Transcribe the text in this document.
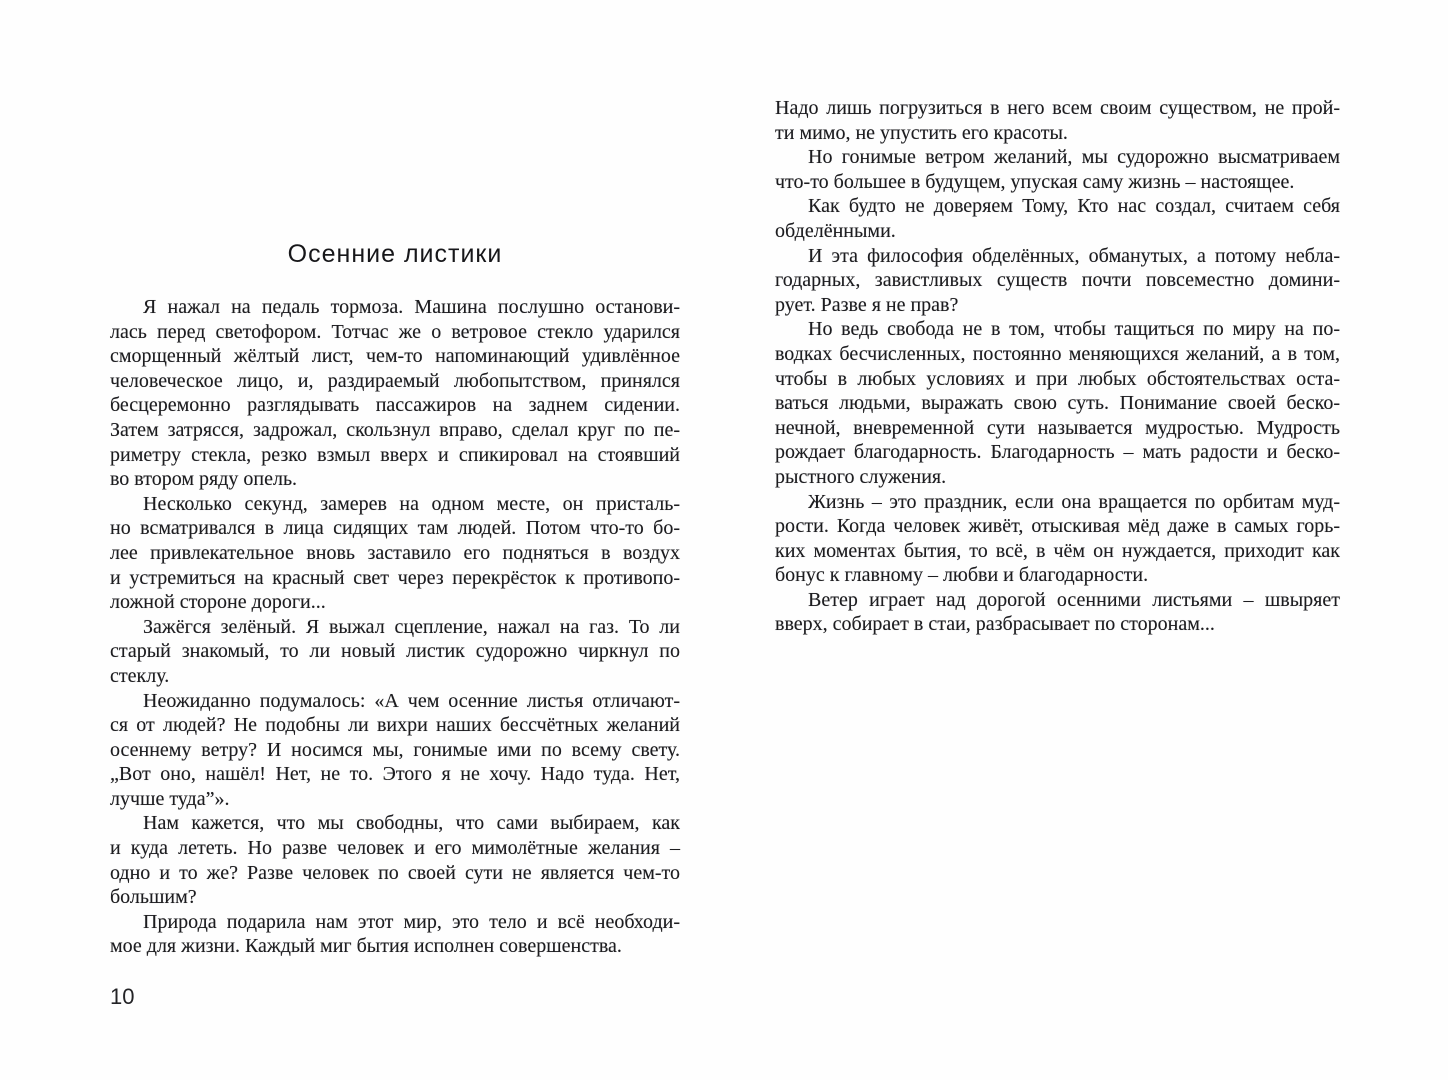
Осенние листики
Я нажал на педаль тормоза. Машина послушно останови-
лась перед светофором. Тотчас же о ветровое стекло ударился
сморщенный жёлтый лист, чем-то напоминающий удивлённое
человеческое лицо, и, раздираемый любопытством, принялся
бесцеремонно разглядывать пассажиров на заднем сидении.
Затем затрясся, задрожал, скользнул вправо, сделал круг по пе-
риметру стекла, резко взмыл вверх и спикировал на стоявший
во втором ряду опель.
Несколько секунд, замерев на одном месте, он присталь-
но всматривался в лица сидящих там людей. Потом что-то бо-
лее привлекательное вновь заставило его подняться в воздух
и устремиться на красный свет через перекрёсток к противопо-
ложной стороне дороги...
Зажёгся зелёный. Я выжал сцепление, нажал на газ. То ли
старый знакомый, то ли новый листик судорожно чиркнул по
стеклу.
Неожиданно подумалось: «А чем осенние листья отличают-
ся от людей? Не подобны ли вихри наших бессчётных желаний
осеннему ветру? И носимся мы, гонимые ими по всему свету.
„Вот оно, нашёл! Нет, не то. Этого я не хочу. Надо туда. Нет,
лучше туда”».
Нам кажется, что мы свободны, что сами выбираем, как
и куда лететь. Но разве человек и его мимолётные желания –
одно и то же? Разве человек по своей сути не является чем-то
большим?
Природа подарила нам этот мир, это тело и всё необходи-
мое для жизни. Каждый миг бытия исполнен совершенства.
10
Надо лишь погрузиться в него всем своим существом, не прой-
ти мимо, не упустить его красоты.
Но гонимые ветром желаний, мы судорожно высматриваем
что-то большее в будущем, упуская саму жизнь – настоящее.
Как будто не доверяем Тому, Кто нас создал, считаем себя
обделёнными.
И эта философия обделённых, обманутых, а потому небла-
годарных, завистливых существ почти повсеместно домини-
рует. Разве я не прав?
Но ведь свобода не в том, чтобы тащиться по миру на по-
водках бесчисленных, постоянно меняющихся желаний, а в том,
чтобы в любых условиях и при любых обстоятельствах оста-
ваться людьми, выражать свою суть. Понимание своей беско-
нечной, вневременной сути называется мудростью. Мудрость
рождает благодарность. Благодарность – мать радости и беско-
рыстного служения.
Жизнь – это праздник, если она вращается по орбитам муд-
рости. Когда человек живёт, отыскивая мёд даже в самых горь-
ких моментах бытия, то всё, в чём он нуждается, приходит как
бонус к главному – любви и благодарности.
Ветер играет над дорогой осенними листьями – швыряет
вверх, собирает в стаи, разбрасывает по сторонам...
